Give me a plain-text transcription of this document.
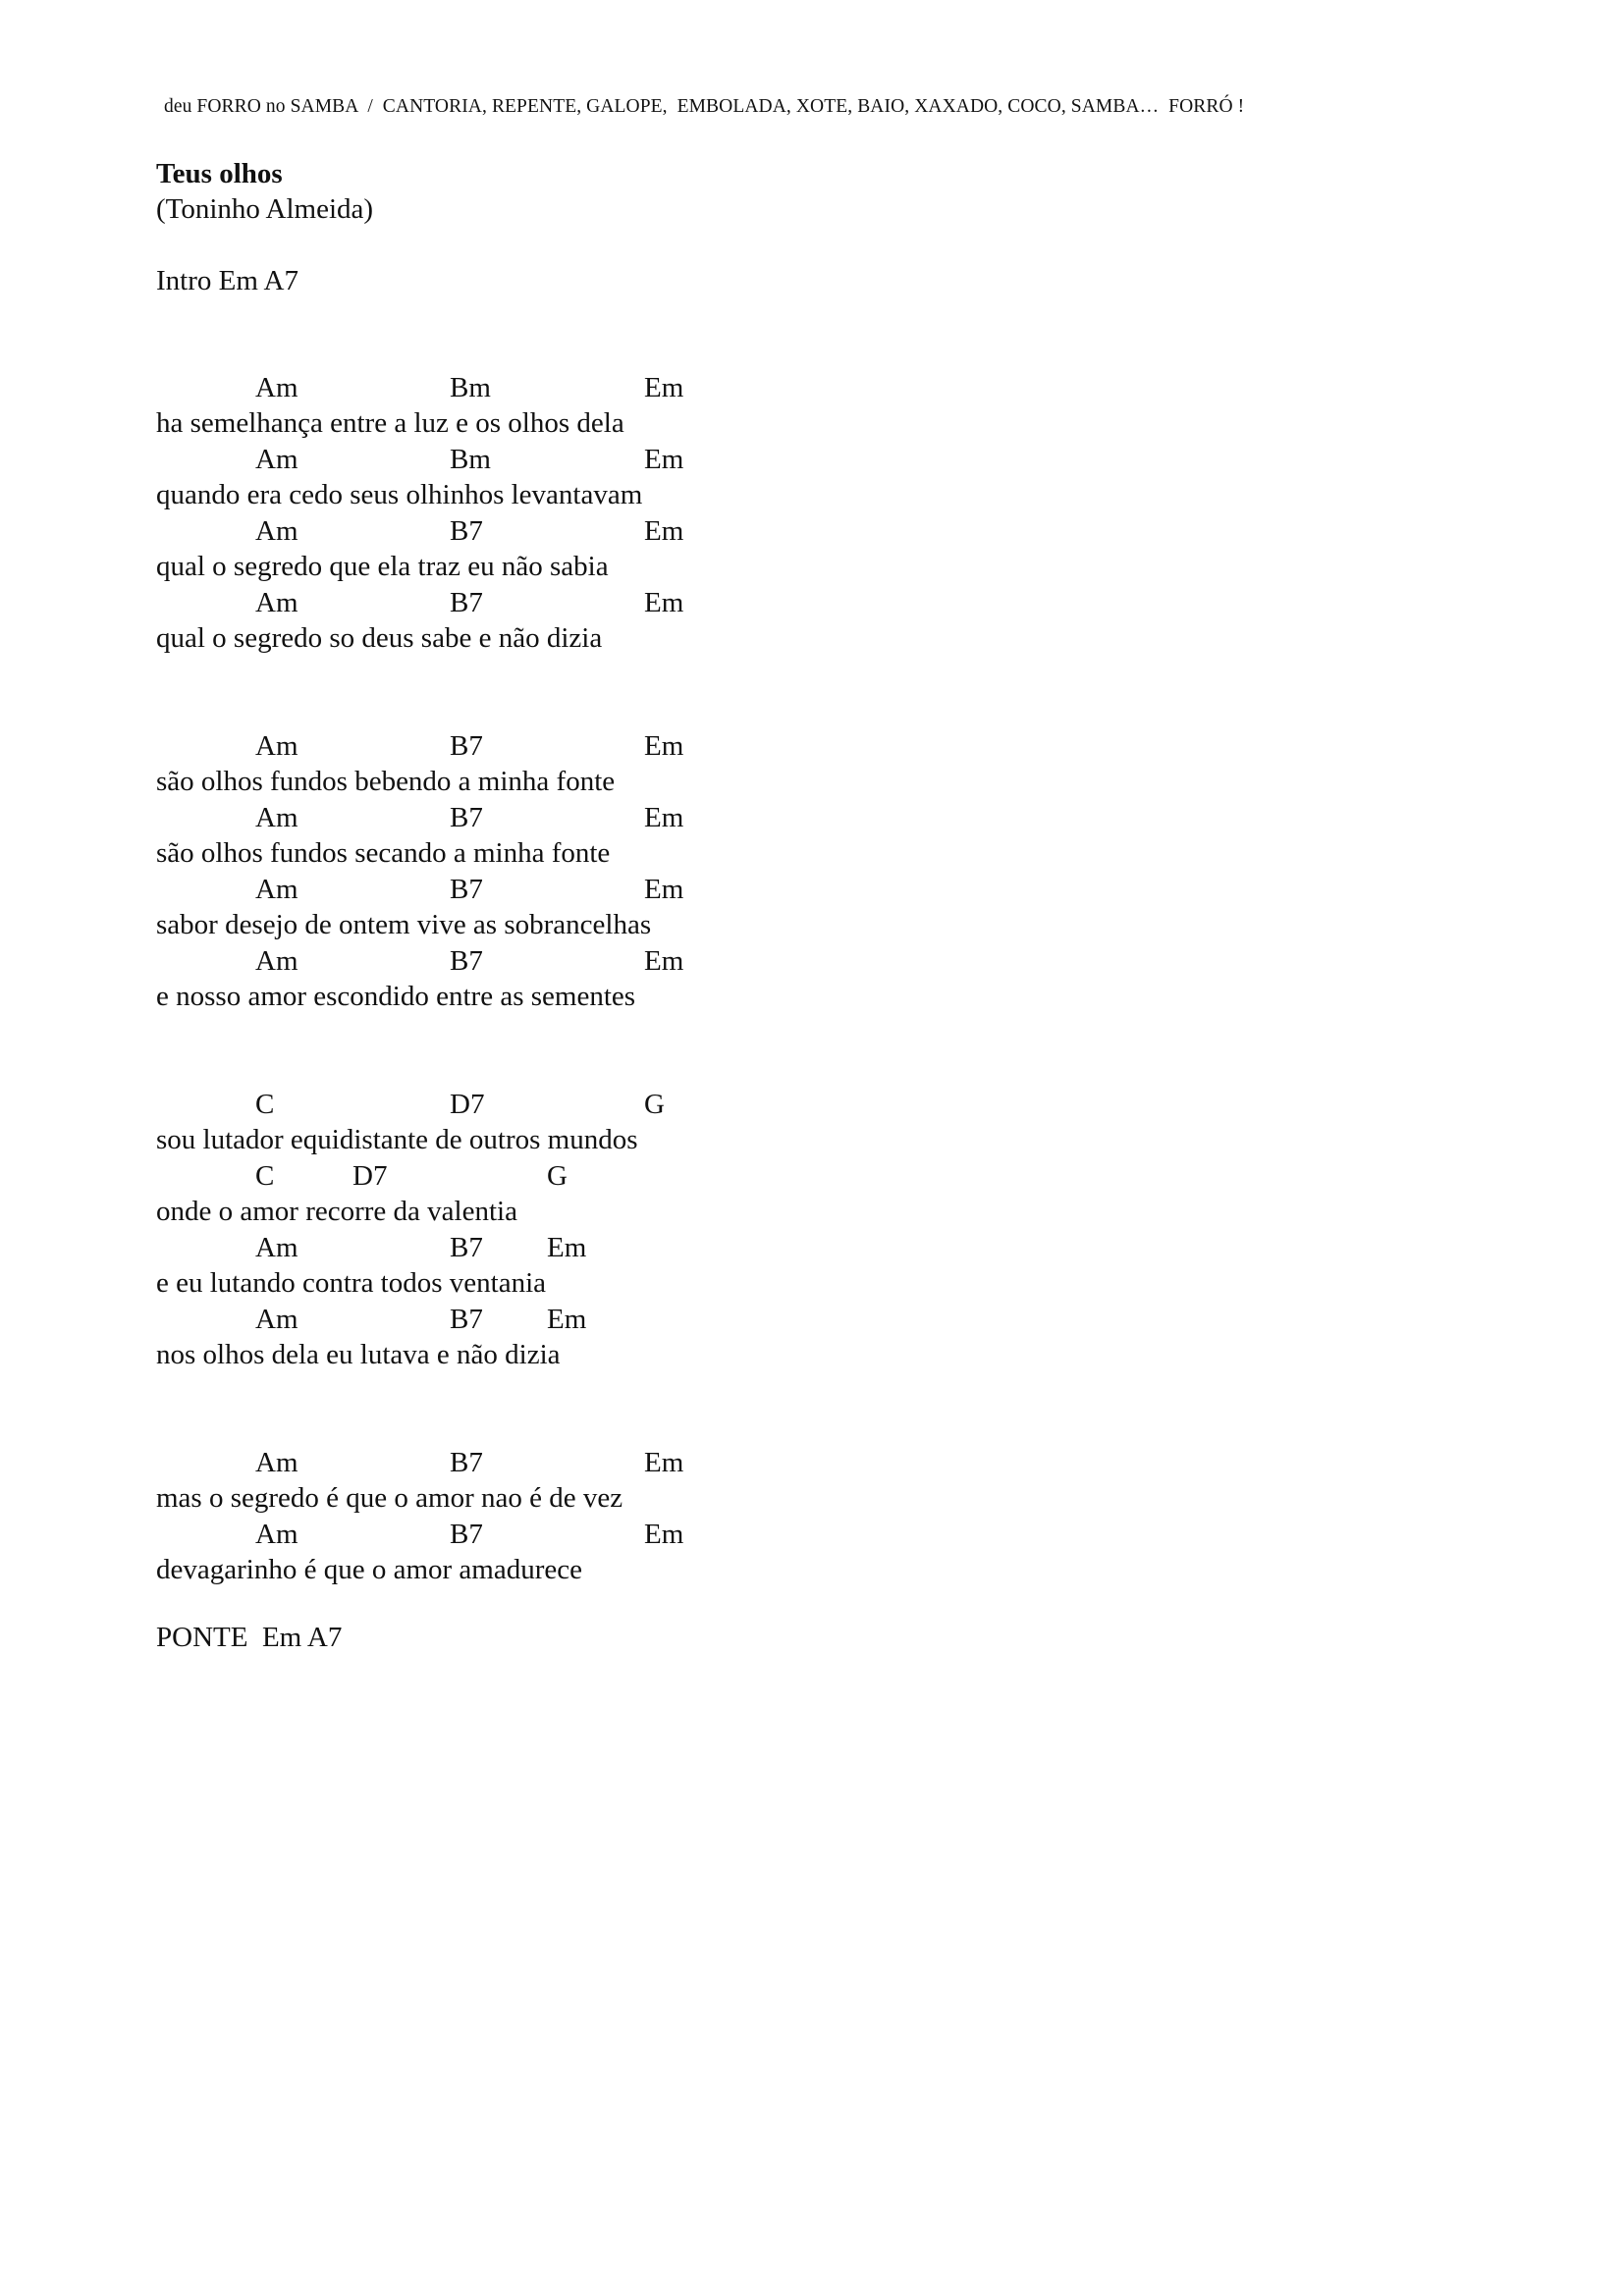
deu FORRO no SAMBA  /  CANTORIA, REPENTE, GALOPE,  EMBOLADA, XOTE, BAIO, XAXADO, COCO, SAMBA…  FORRÓ !
Teus olhos
(Toninho Almeida)
Intro Em A7
Am	Bm	Em
ha semelhança entre a luz e os olhos dela
Am	Bm	Em
quando era cedo seus olhinhos levantavam
Am	B7	Em
qual o segredo que ela traz eu não sabia
Am	B7	Em
qual o segredo so deus sabe e não dizia
Am	B7	Em
são olhos fundos bebendo a minha fonte
Am	B7	Em
são olhos fundos secando a minha fonte
Am	B7	Em
sabor desejo de ontem vive as sobrancelhas
Am	B7	Em
e nosso amor escondido entre as sementes
C	D7	G
sou lutador equidistante de outros mundos
C	D7	G
onde o amor recorre da valentia
Am	B7 Em
e eu lutando contra todos ventania
Am	B7 Em
nos olhos dela eu lutava e não dizia
Am	B7	Em
mas o segredo é que o amor nao é de vez
Am	B7	Em
devagarinho é que o amor amadurece
PONTE Em A7
